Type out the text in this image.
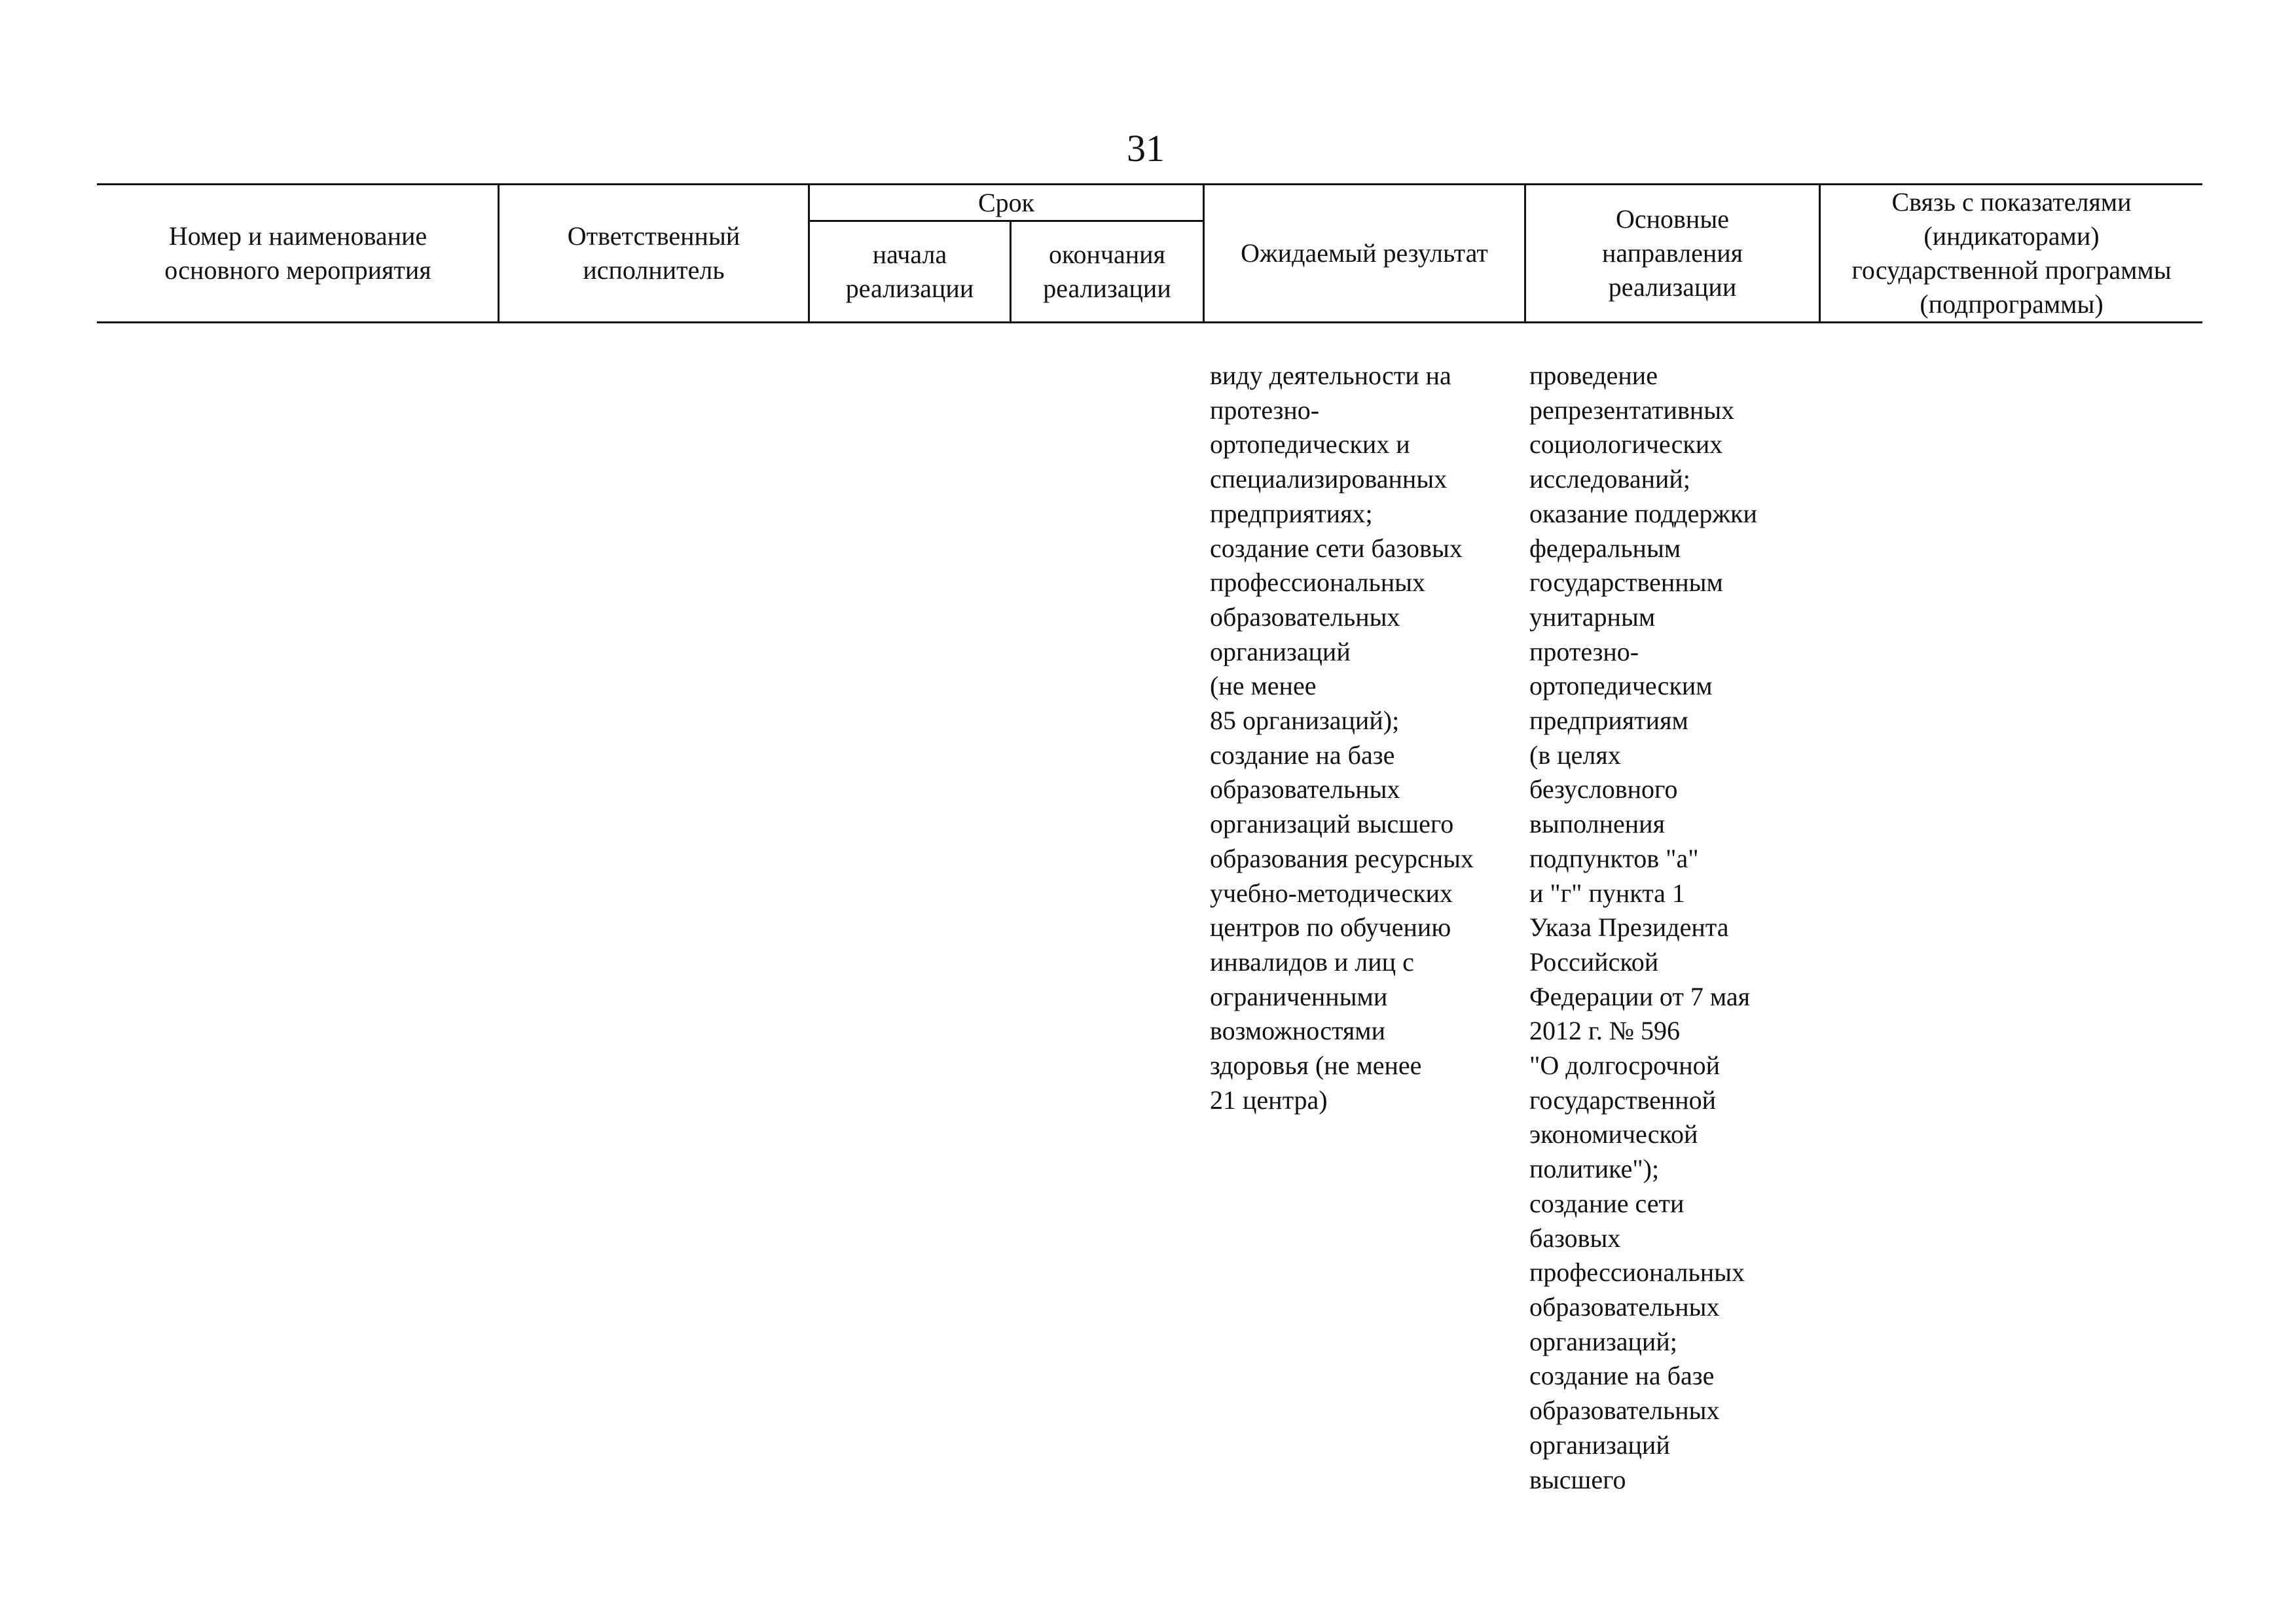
31
Номер и наименование
основного мероприятия
Ответственный
исполнитель
Срок
начала
реализации
окончания
реализации
Ожидаемый результат
Основные
направления
реализации
Связь с показателями
(индикаторами)
государственной программы
(подпрограммы)
виду деятельности на
протезно-
ортопедических и
специализированных
предприятиях;
создание сети базовых
профессиональных
образовательных
организаций
(не менее
85 организаций);
создание на базе
образовательных
организаций высшего
образования ресурсных
учебно-методических
центров по обучению
инвалидов и лиц с
ограниченными
возможностями
здоровья (не менее
21 центра)
проведение
репрезентативных
социологических
исследований;
оказание поддержки
федеральным
государственным
унитарным
протезно-
ортопедическим
предприятиям
(в целях
безусловного
выполнения
подпунктов "а"
и "г" пункта 1
Указа Президента
Российской
Федерации от 7 мая
2012 г. № 596
"О долгосрочной
государственной
экономической
политике");
создание сети
базовых
профессиональных
образовательных
организаций;
создание на базе
образовательных
организаций
высшего
